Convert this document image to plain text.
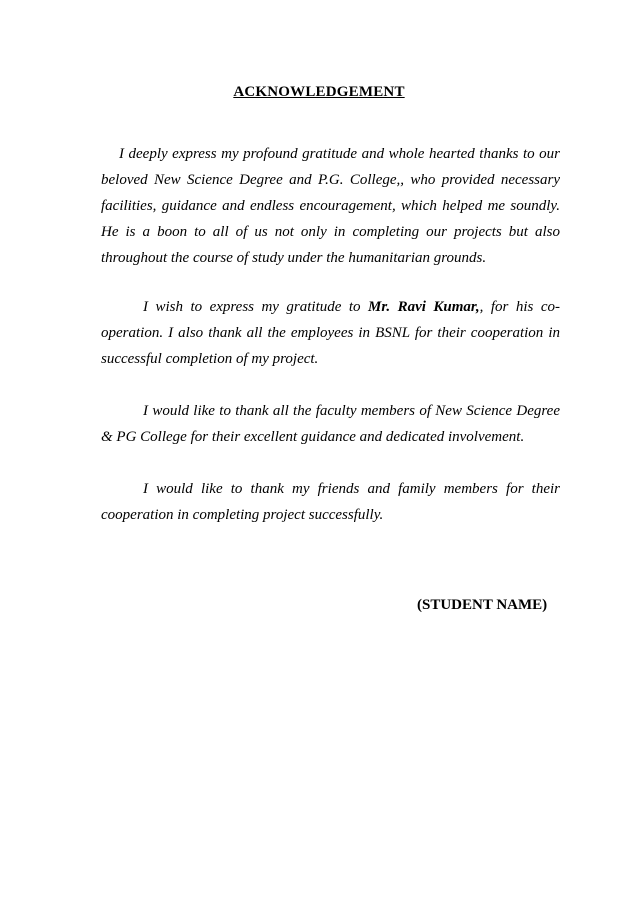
ACKNOWLEDGEMENT

I deeply express my profound gratitude and whole hearted thanks to our beloved New Science Degree and P.G. College,, who provided necessary facilities, guidance and endless encouragement, which helped me soundly. He is a boon to all of us not only in completing our projects but also throughout the course of study under the humanitarian grounds.

I wish to express my gratitude to Mr. Ravi Kumar,, for his co-operation. I also thank all the employees in BSNL for their cooperation in successful completion of my project.

I would like to thank all the faculty members of New Science Degree & PG College for their excellent guidance and dedicated involvement.

I would like to thank my friends and family members for their cooperation in completing project successfully.

(STUDENT NAME)
